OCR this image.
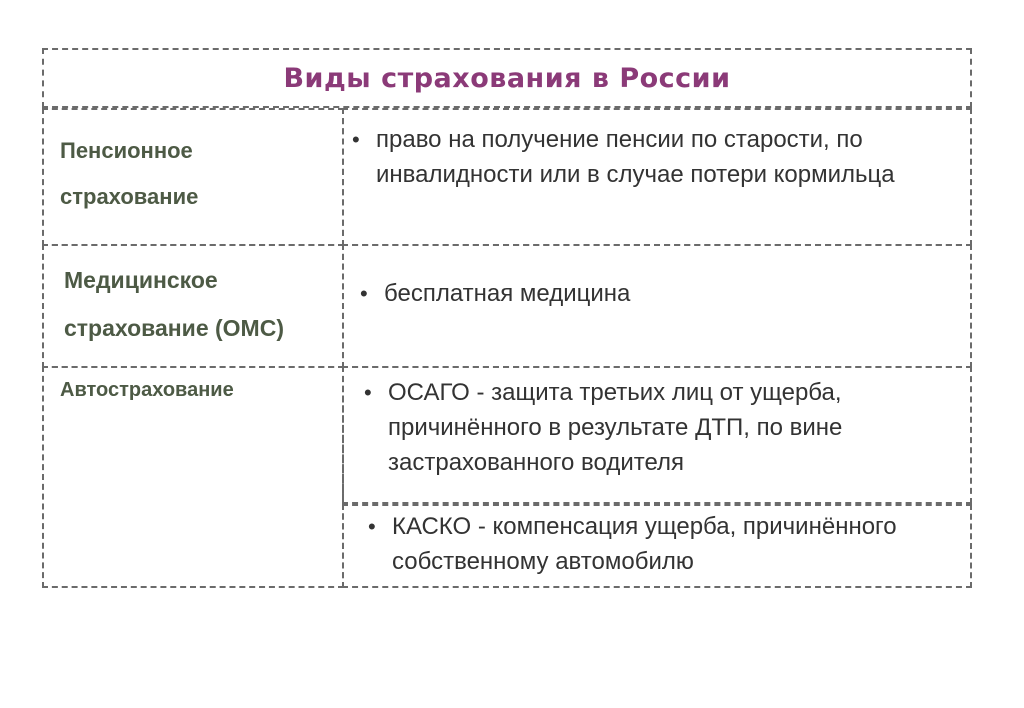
Виды страхования в России
Пенсионное
страхование
• право на получение пенсии по старости, по инвалидности или в случае потери кормильца
Медицинское
страхование (ОМС)
• бесплатная медицина
Автострахование	• ОСАГО - защита третьих лиц от ущерба, причинённого в результате ДТП, по вине застрахованного водителя
• КАСКО - компенсация ущерба, причинённого собственному автомобилю
